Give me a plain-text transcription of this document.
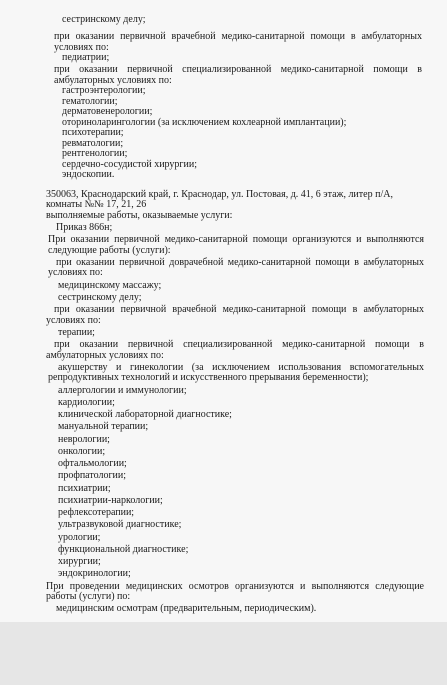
сестринскому делу;
при оказании первичной врачебной медико-санитарной помощи в амбулаторных
условиях по:
педиатрии;
при оказании первичной специализированной медико-санитарной помощи в
амбулаторных условиях по:
гастроэнтерологии;
гематологии;
дерматовенерологии;
оториноларингологии (за исключением кохлеарной имплантации);
психотерапии;
ревматологии;
рентгенологии;
сердечно-сосудистой хирургии;
эндоскопии.
350063, Краснодарский край, г. Краснодар, ул. Постовая, д. 41, 6 этаж, литер п/А,
комнаты №№ 17, 21, 26
выполняемые работы, оказываемые услуги:
Приказ 866н;
При оказании первичной медико-санитарной помощи организуются и выполняются
следующие работы (услуги):
при оказании первичной доврачебной медико-санитарной помощи в амбулаторных
условиях по:
медицинскому массажу;
сестринскому делу;
при оказании первичной врачебной медико-санитарной помощи в амбулаторных
условиях по:
терапии;
при оказании первичной специализированной медико-санитарной помощи в
амбулаторных условиях по:
акушерству и гинекологии (за исключением использования вспомогательных
репродуктивных технологий и искусственного прерывания беременности);
аллергологии и иммунологии;
кардиологии;
клинической лабораторной диагностике;
мануальной терапии;
неврологии;
онкологии;
офтальмологии;
профпатологии;
психиатрии;
психиатрии-наркологии;
рефлексотерапии;
ультразвуковой диагностике;
урологии;
функциональной диагностике;
хирургии;
эндокринологии;
При проведении медицинских осмотров организуются и выполняются следующие
работы (услуги) по:
медицинским осмотрам (предварительным, периодическим).
